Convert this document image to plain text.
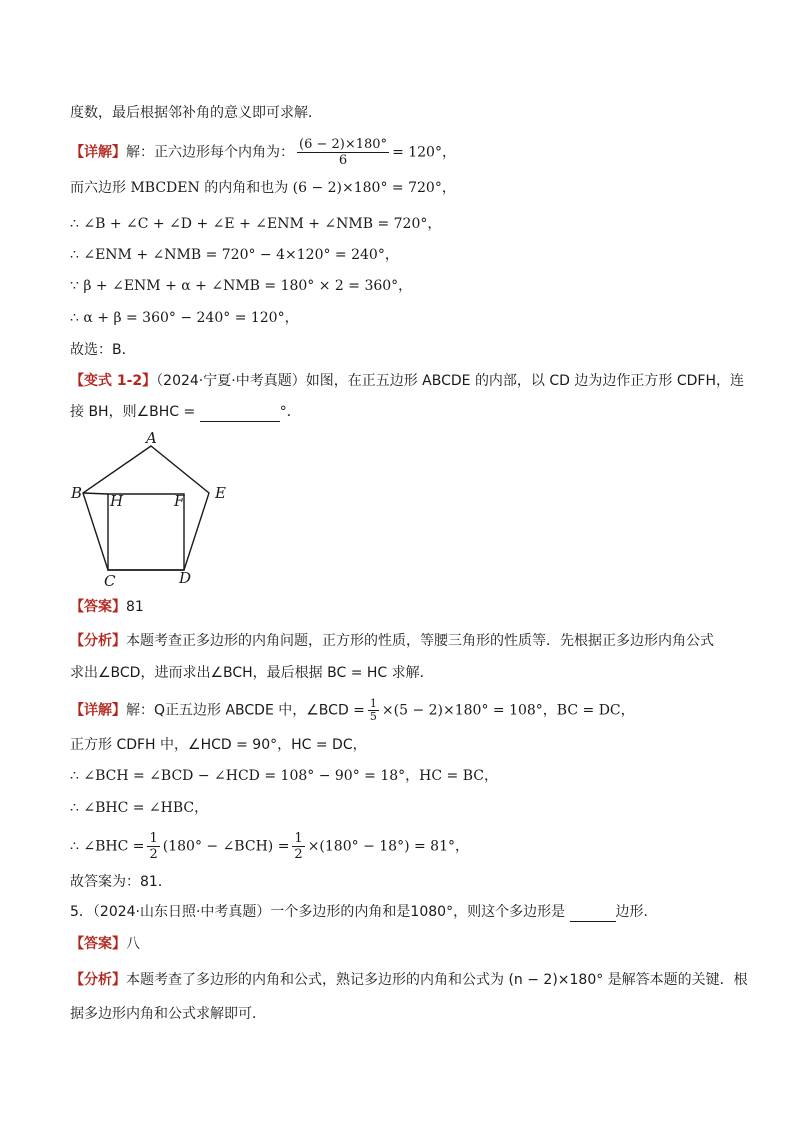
度数，最后根据邻补角的意义即可求解．
【详解】解：正六边形每个内角为： $\frac{(6 - 2)\times 180^\circ}{6} = 120^\circ$，
而六边形 MBCDEN 的内角和也为 (6 − 2)×180° = 720°，
∴ ∠B + ∠C + ∠D + ∠E + ∠ENM + ∠NMB = 720°，
∴ ∠ENM + ∠NMB = 720° − 4×120° = 240°，
∵ β + ∠ENM + α + ∠NMB = 180° × 2 = 360°，
∴ α + β = 360° − 240° = 120°，
故选：B．
【变式 1-2】（2024·宁夏·中考真题）如图，在正五边形 ABCDE 的内部，以 CD 边为边作正方形 CDFH，连
接 BH，则∠BHC =	°．
A
B H	F E
C	D
【答案】81
【分析】本题考查正多边形的内角问题，正方形的性质，等腰三角形的性质等．先根据正多边形内角公式
求出∠BCD，进而求出∠BCH，最后根据 BC = HC 求解．
【详解】解：Q正五边形 ABCDE 中，∠BCD = $\frac{1}{5} \times(5 - 2)\times 180^\circ = 108^\circ$，BC = DC，
正方形 CDFH 中，∠HCD = 90°，HC = DC，
∴ ∠BCH = ∠BCD − ∠HCD = 108° − 90° = 18°，HC = BC，
∴ ∠BHC = ∠HBC，
∴ ∠BHC = $\frac{1}{2} (180^\circ$ − ∠BCH) = $\frac{1}{2} \times(180^\circ - 18^\circ) = 81^\circ$，
故答案为：81．
5．（2024·山东日照·中考真题）一个多边形的内角和是1080°，则这个多边形是	边形．
【答案】八
【分析】本题考查了多边形的内角和公式，熟记多边形的内角和公式为 (n − 2)×180° 是解答本题的关键．根
据多边形内角和公式求解即可．
